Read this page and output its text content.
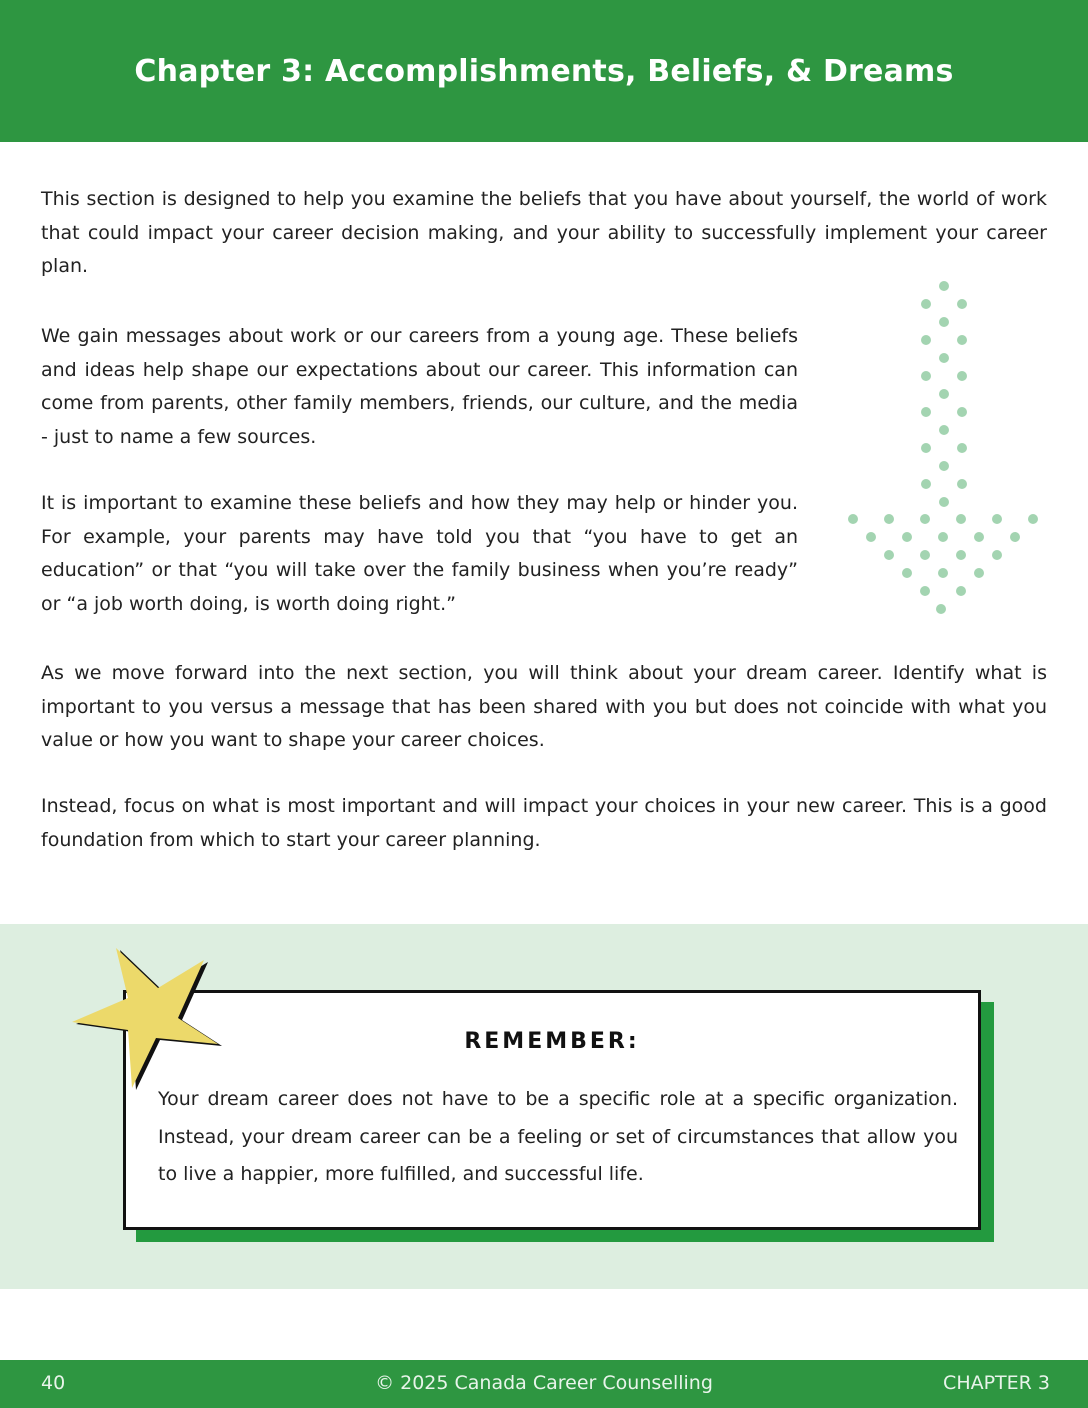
Chapter 3: Accomplishments, Beliefs, & Dreams

This section is designed to help you examine the beliefs that you have about yourself, the world of work that could impact your career decision making, and your ability to successfully implement your career plan.

We gain messages about work or our careers from a young age. These beliefs and ideas help shape our expectations about our career. This information can come from parents, other family members, friends, our culture, and the media - just to name a few sources.

It is important to examine these beliefs and how they may help or hinder you. For example, your parents may have told you that “you have to get an education” or that “you will take over the family business when you’re ready” or “a job worth doing, is worth doing right.”

As we move forward into the next section, you will think about your dream career. Identify what is important to you versus a message that has been shared with you but does not coincide with what you value or how you want to shape your career choices.

Instead, focus on what is most important and will impact your choices in your new career. This is a good foundation from which to start your career planning.

REMEMBER:

Your dream career does not have to be a specific role at a specific organization. Instead, your dream career can be a feeling or set of circumstances that allow you to live a happier, more fulfilled, and successful life.

40	© 2025 Canada Career Counselling	CHAPTER 3
